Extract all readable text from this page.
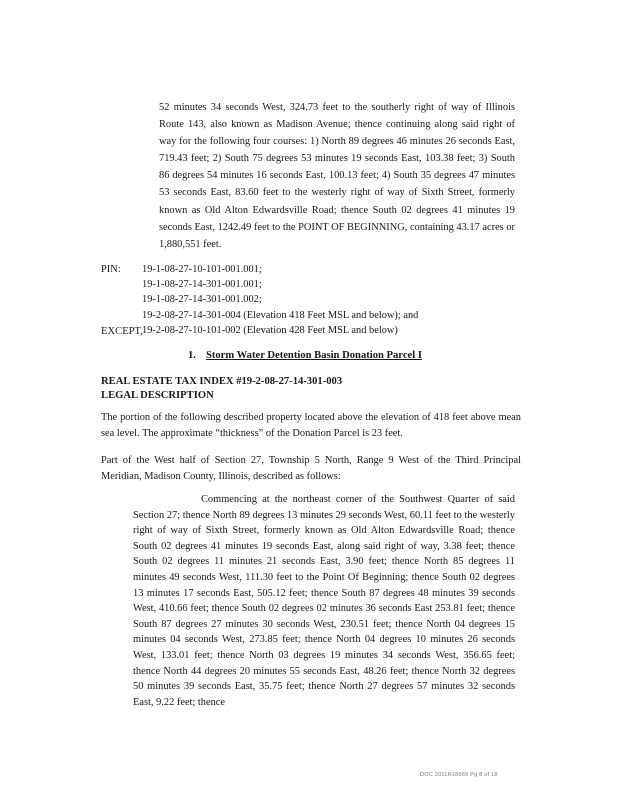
52 minutes 34 seconds West, 324.73 feet to the southerly right of way of Illinois Route 143, also known as Madison Avenue; thence continuing along said right of way for the following four courses: 1) North 89 degrees 46 minutes 26 seconds East, 719.43 feet; 2) South 75 degrees 53 minutes 19 seconds East, 103.38 feet; 3) South 86 degrees 54 minutes 16 seconds East, 100.13 feet; 4) South 35 degrees 47 minutes 53 seconds East, 83.60 feet to the westerly right of way of Sixth Street, formerly known as Old Alton Edwardsville Road; thence South 02 degrees 41 minutes 19 seconds East, 1242.49 feet to the POINT OF BEGINNING, containing 43.17 acres or 1,880,551 feet.
PIN: 19-1-08-27-10-101-001.001;
19-1-08-27-14-301-001.001;
19-1-08-27-14-301-001.002;
19-2-08-27-14-301-004 (Elevation 418 Feet MSL and below); and
19-2-08-27-10-101-002 (Elevation 428 Feet MSL and below)
EXCEPT,
1. Storm Water Detention Basin Donation Parcel I
REAL ESTATE TAX INDEX #19-2-08-27-14-301-003
LEGAL DESCRIPTION
The portion of the following described property located above the elevation of 418 feet above mean sea level. The approximate “thickness” of the Donation Parcel is 23 feet.
Part of the West half of Section 27, Township 5 North, Range 9 West of the Third Principal Meridian, Madison County, Illinois, described as follows:
Commencing at the northeast corner of the Southwest Quarter of said Section 27; thence North 89 degrees 13 minutes 29 seconds West, 60.11 feet to the westerly right of way of Sixth Street, formerly known as Old Alton Edwardsville Road; thence South 02 degrees 41 minutes 19 seconds East, along said right of way, 3.38 feet; thence South 02 degrees 11 minutes 21 seconds East, 3.90 feet; thence North 85 degrees 11 minutes 49 seconds West, 111.30 feet to the Point Of Beginning; thence South 02 degrees 13 minutes 17 seconds East, 505.12 feet; thence South 87 degrees 48 minutes 39 seconds West, 410.66 feet; thence South 02 degrees 02 minutes 36 seconds East 253.81 feet; thence South 87 degrees 27 minutes 30 seconds West, 230.51 feet; thence North 04 degrees 15 minutes 04 seconds West, 273.85 feet; thence North 04 degrees 10 minutes 26 seconds West, 133.01 feet; thence North 03 degrees 19 minutes 34 seconds West, 356.65 feet; thence North 44 degrees 20 minutes 55 seconds East, 48.26 feet; thence North 32 degrees 50 minutes 39 seconds East, 35.75 feet; thence North 27 degrees 57 minutes 32 seconds East, 9.22 feet; thence
DOC 2011R18665 Pg 8 of 18
